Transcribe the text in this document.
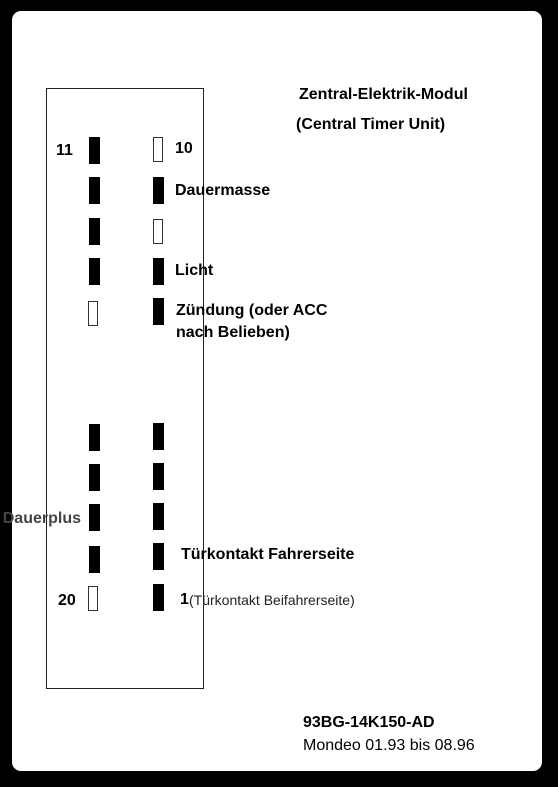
Zentral-Elektrik-Modul
(Central Timer Unit)
11	10
20	1
Dauermasse
Licht
Zündung (oder ACC
nach Belieben)
Dauerplus
Türkontakt Fahrerseite
(Türkontakt Beifahrerseite)
93BG-14K150-AD
Mondeo 01.93 bis 08.96
